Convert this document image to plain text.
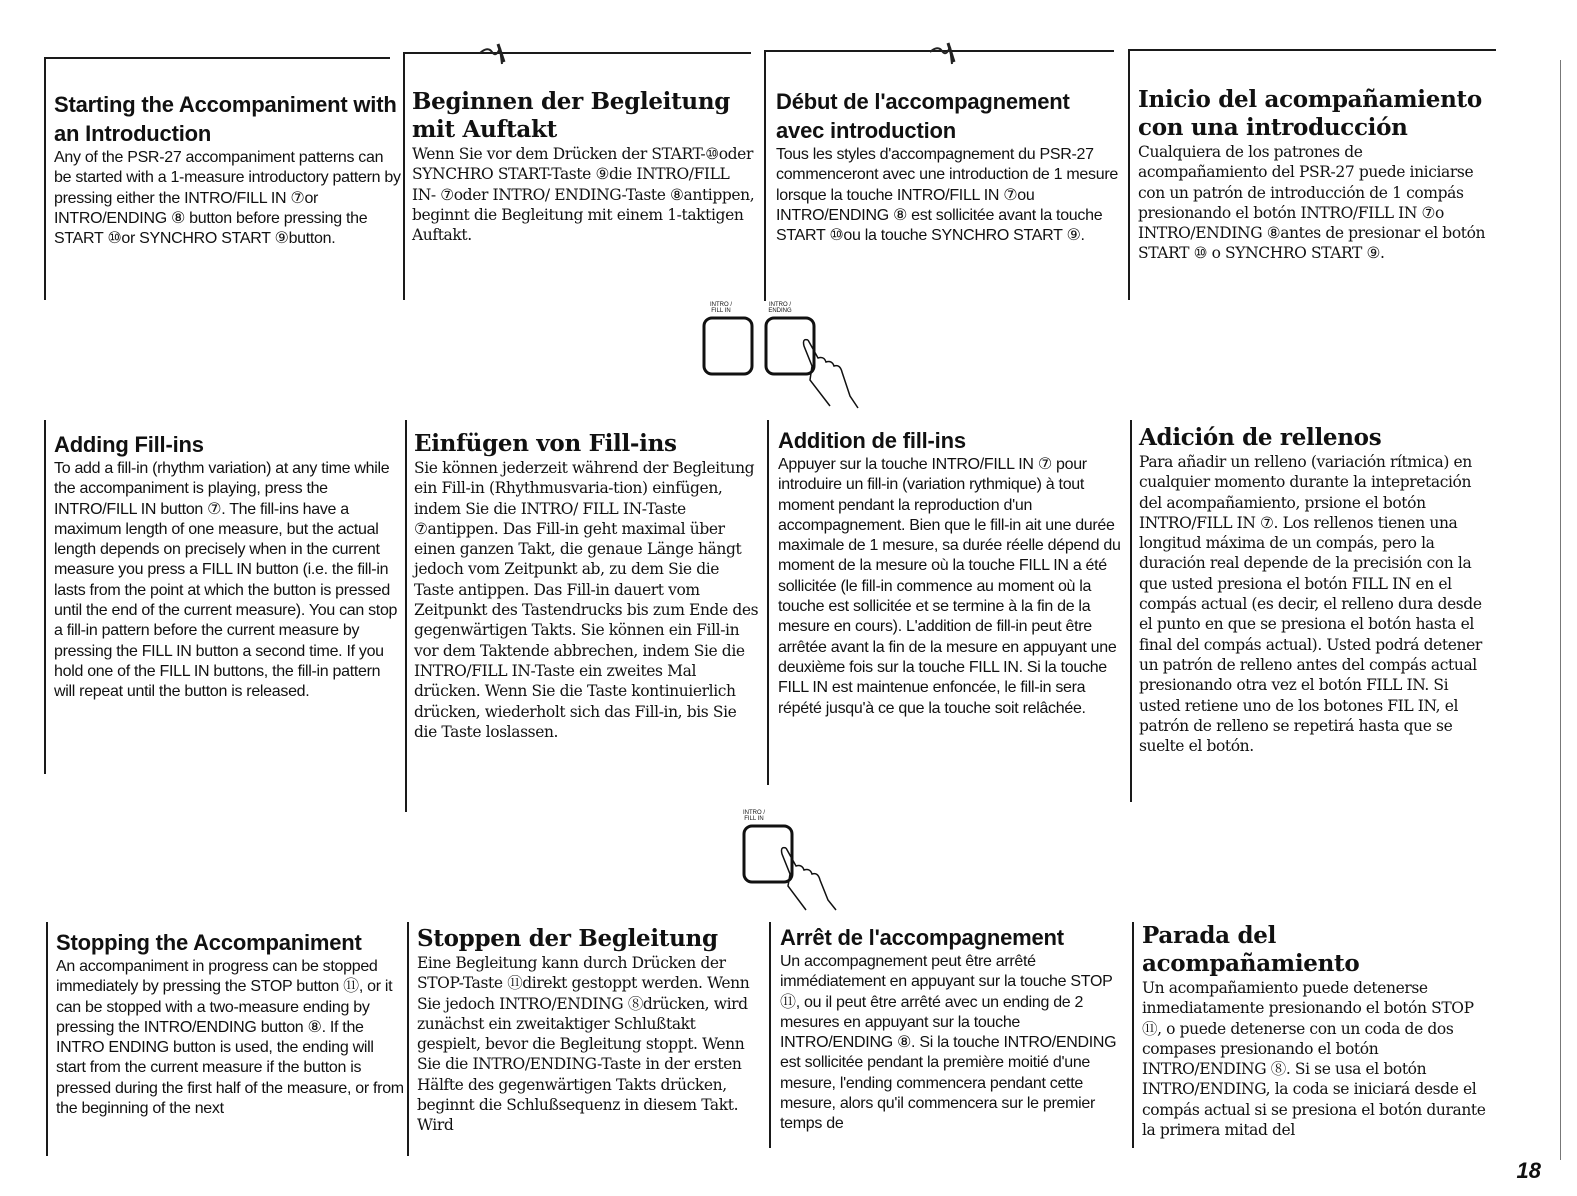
Starting the Accompaniment with an Introduction

Any of the PSR-27 accompaniment patterns can be started with a 1-measure introductory pattern by pressing either the INTRO/FILL IN ⑦or INTRO/ENDING ⑧ button before pressing the START ⑩or SYNCHRO START ⑨button.

Beginnen der Begleitung mit Auftakt

Wenn Sie vor dem Drücken der START-⑩oder SYNCHRO START-Taste ⑨die INTRO/FILL IN- ⑦oder INTRO/ ENDING-Taste ⑧antippen, beginnt die Begleitung mit einem 1-taktigen Auftakt.

Début de l'accompagnement avec introduction

Tous les styles d'accompagnement du PSR-27 commenceront avec une introduction de 1 mesure lorsque la touche INTRO/FILL IN ⑦ou INTRO/ENDING ⑧ est sollicitée avant la touche START ⑩ou la touche SYNCHRO START ⑨.

Inicio del acompañamiento con una introducción

Cualquiera de los patrones de acompañamiento del PSR-27 puede iniciarse con un patrón de introducción de 1 compás presionando el botón INTRO/FILL IN ⑦o INTRO/ENDING ⑧antes de presionar el botón START ⑩ o SYNCHRO START ⑨.

INTRO /
FILL IN
INTRO /
ENDING
Adding Fill-ins

To add a fill-in (rhythm variation) at any time while the accompaniment is playing, press the INTRO/FILL IN button ⑦. The fill-ins have a maximum length of one measure, but the actual length depends on precisely when in the current measure you press a FILL IN button (i.e. the fill-in lasts from the point at which the button is pressed until the end of the current measure). You can stop a fill-in pattern before the current measure by pressing the FILL IN button a second time. If you hold one of the FILL IN buttons, the fill-in pattern will repeat until the button is released.

Einfügen von Fill-ins

Sie können jederzeit während der Begleitung ein Fill-in (Rhythmusvaria-tion) einfügen, indem Sie die INTRO/ FILL IN-Taste ⑦antippen. Das Fill-in geht maximal über einen ganzen Takt, die genaue Länge hängt jedoch vom Zeitpunkt ab, zu dem Sie die Taste antippen. Das Fill-in dauert vom Zeitpunkt des Tastendrucks bis zum Ende des gegenwärtigen Takts. Sie können ein Fill-in vor dem Taktende abbrechen, indem Sie die INTRO/FILL IN-Taste ein zweites Mal drücken. Wenn Sie die Taste kontinuierlich drücken, wiederholt sich das Fill-in, bis Sie die Taste loslassen.

Addition de fill-ins

Appuyer sur la touche INTRO/FILL IN ⑦ pour introduire un fill-in (variation rythmique) à tout moment pendant la reproduction d'un accompagnement. Bien que le fill-in ait une durée maximale de 1 mesure, sa durée réelle dépend du moment de la mesure où la touche FILL IN a été sollicitée (le fill-in commence au moment où la touche est sollicitée et se termine à la fin de la mesure en cours). L'addition de fill-in peut être arrêtée avant la fin de la mesure en appuyant une deuxième fois sur la touche FILL IN. Si la touche FILL IN est maintenue enfoncée, le fill-in sera répété jusqu'à ce que la touche soit relâchée.

Adición de rellenos

Para añadir un relleno (variación rítmica) en cualquier momento durante la intepretación del acompañamiento, prsione el botón INTRO/FILL IN ⑦. Los rellenos tienen una longitud máxima de un compás, pero la duración real depende de la precisión con la que usted presiona el botón FILL IN en el compás actual (es decir, el relleno dura desde el punto en que se presiona el botón hasta el final del compás actual). Usted podrá detener un patrón de relleno antes del compás actual presionando otra vez el botón FILL IN. Si usted retiene uno de los botones FIL IN, el patrón de relleno se repetirá hasta que se suelte el botón.

INTRO /
FILL IN
Stopping the Accompaniment

An accompaniment in progress can be stopped immediately by pressing the STOP button ⑪, or it can be stopped with a two-measure ending by pressing the INTRO/ENDING button ⑧. If the INTRO ENDING button is used, the ending will start from the current measure if the button is pressed during the first half of the measure, or from the beginning of the next

Stoppen der Begleitung

Eine Begleitung kann durch Drücken der STOP-Taste ⑪direkt gestoppt werden. Wenn Sie jedoch INTRO/ENDING ⑧drücken, wird zunächst ein zweitaktiger Schlußtakt gespielt, bevor die Begleitung stoppt. Wenn Sie die INTRO/ENDING-Taste in der ersten Hälfte des gegenwärtigen Takts drücken, beginnt die Schlußsequenz in diesem Takt. Wird

Arrêt de l'accompagnement

Un accompagnement peut être arrêté immédiatement en appuyant sur la touche STOP ⑪, ou il peut être arrêté avec un ending de 2 mesures en appuyant sur la touche INTRO/ENDING ⑧. Si la touche INTRO/ENDING est sollicitée pendant la première moitié d'une mesure, l'ending commencera pendant cette mesure, alors qu'il commencera sur le premier temps de

Parada del acompañamiento

Un acompañamiento puede detenerse inmediatamente presionando el botón STOP ⑪, o puede detenerse con un coda de dos compases presionando el botón INTRO/ENDING ⑧. Si se usa el botón INTRO/ENDING, la coda se iniciará desde el compás actual si se presiona el botón durante la primera mitad del

18
